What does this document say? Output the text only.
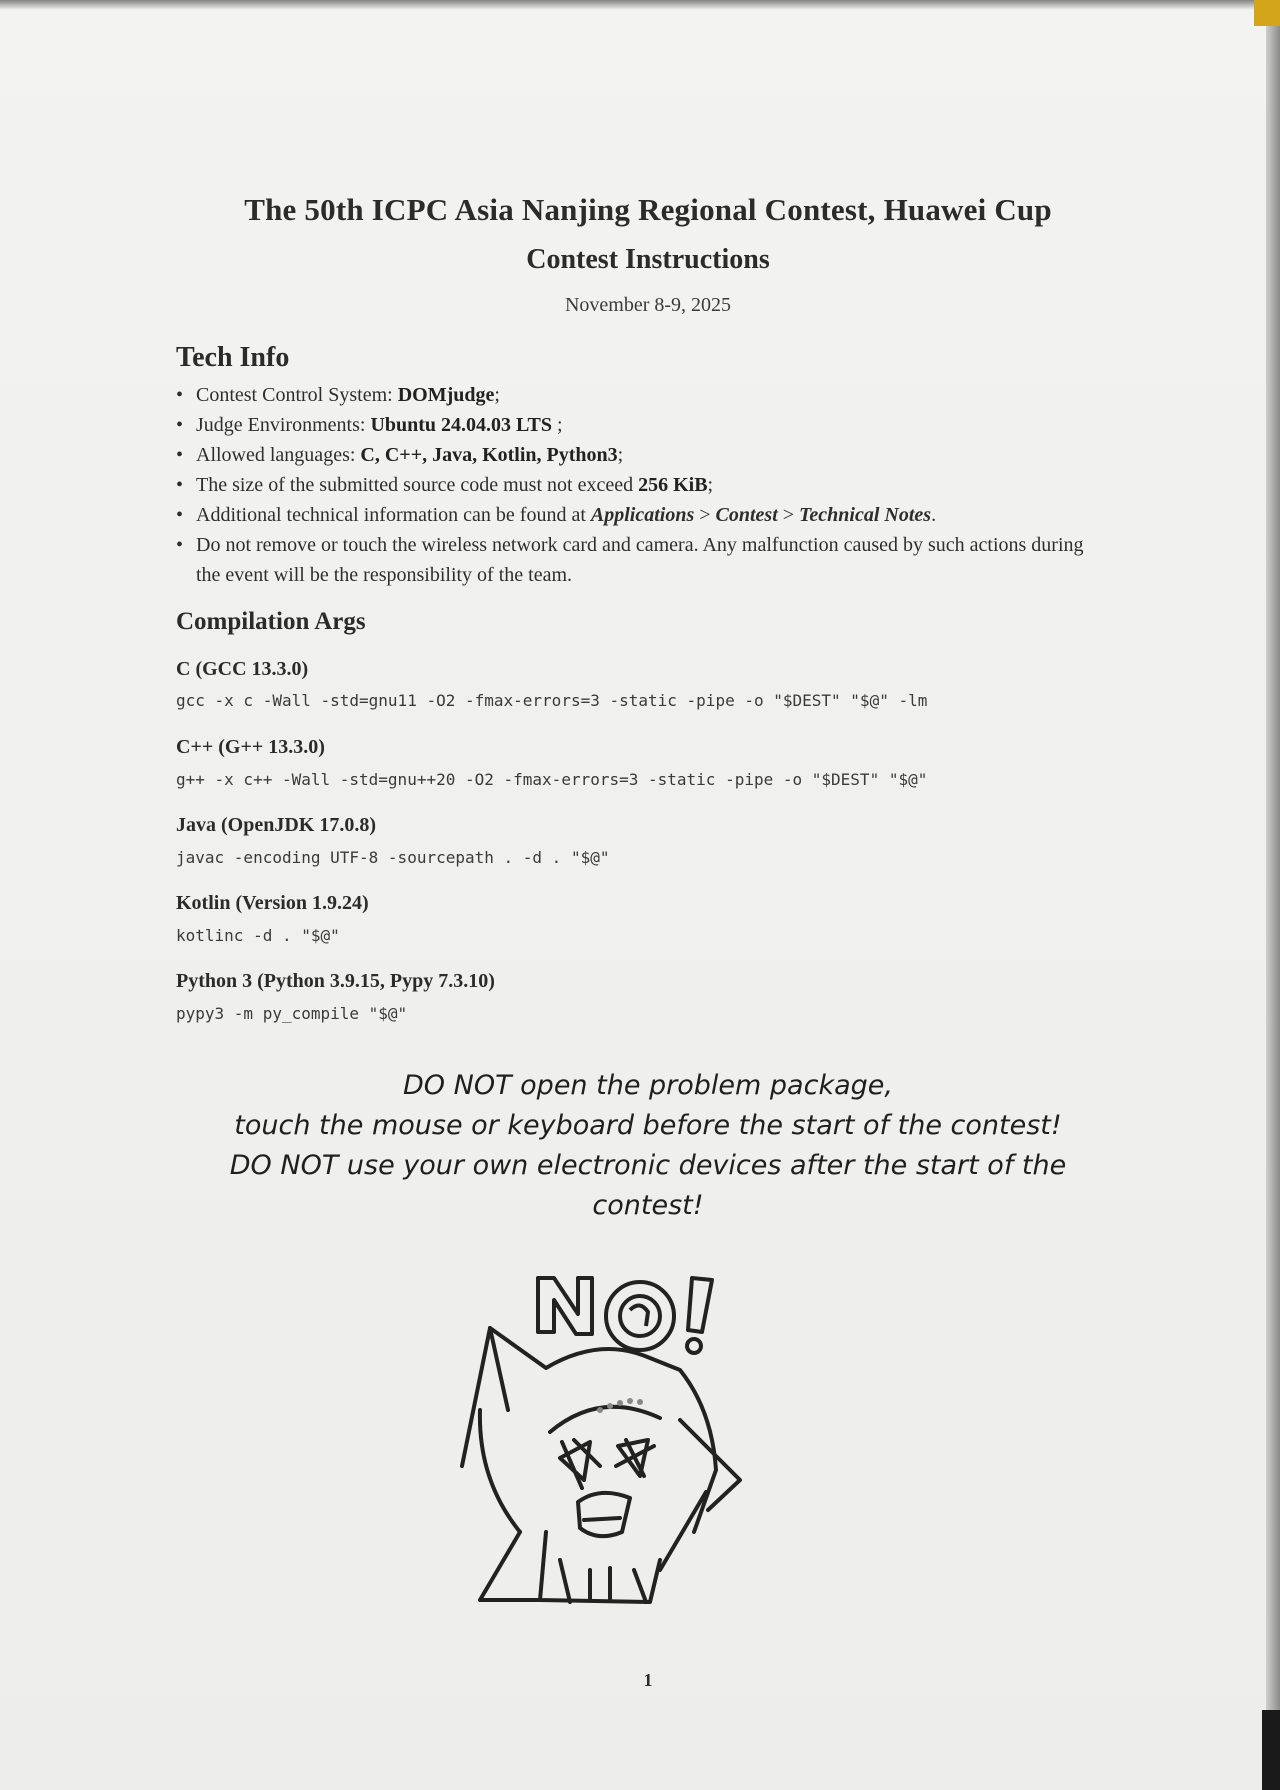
The 50th ICPC Asia Nanjing Regional Contest, Huawei Cup
Contest Instructions
November 8-9, 2025
Tech Info
• Contest Control System: DOMjudge;
• Judge Environments: Ubuntu 24.04.03 LTS ;
• Allowed languages: C, C++, Java, Kotlin, Python3;
• The size of the submitted source code must not exceed 256 KiB;
• Additional technical information can be found at Applications > Contest > Technical Notes.
• Do not remove or touch the wireless network card and camera. Any malfunction caused by such actions during the event will be the responsibility of the team.
Compilation Args
C (GCC 13.3.0)
gcc -x c -Wall -std=gnu11 -O2 -fmax-errors=3 -static -pipe -o "$DEST" "$@" -lm
C++ (G++ 13.3.0)
g++ -x c++ -Wall -std=gnu++20 -O2 -fmax-errors=3 -static -pipe -o "$DEST" "$@"
Java (OpenJDK 17.0.8)
javac -encoding UTF-8 -sourcepath . -d . "$@"
Kotlin (Version 1.9.24)
kotlinc -d . "$@"
Python 3 (Python 3.9.15, Pypy 7.3.10)
pypy3 -m py_compile "$@"
DO NOT open the problem package,
touch the mouse or keyboard before the start of the contest!
DO NOT use your own electronic devices after the start of the
contest!
1
